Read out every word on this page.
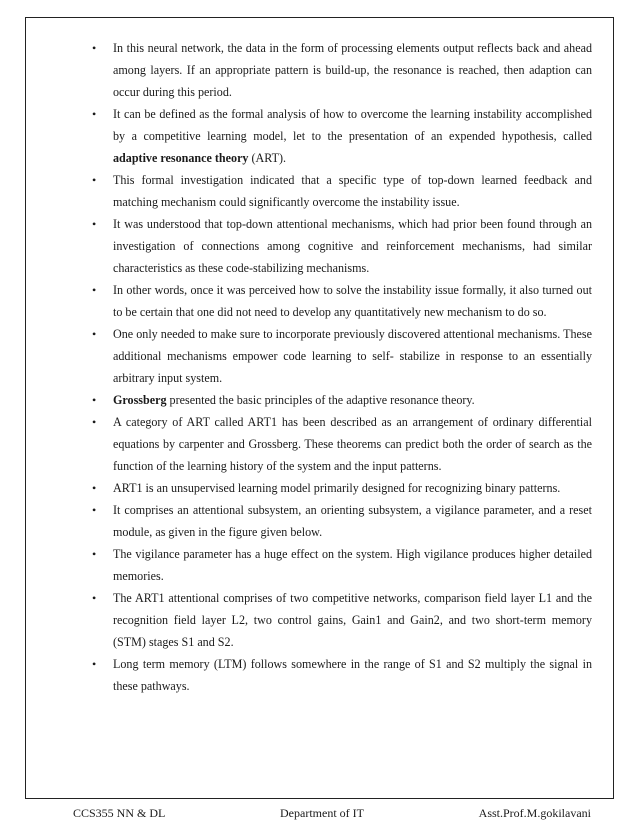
• In this neural network, the data in the form of processing elements output reflects back and ahead among layers. If an appropriate pattern is build-up, the resonance is reached, then adaption can occur during this period.
• It can be defined as the formal analysis of how to overcome the learning instability accomplished by a competitive learning model, let to the presentation of an expended hypothesis, called adaptive resonance theory (ART).
• This formal investigation indicated that a specific type of top-down learned feedback and matching mechanism could significantly overcome the instability issue.
• It was understood that top-down attentional mechanisms, which had prior been found through an investigation of connections among cognitive and reinforcement mechanisms, had similar characteristics as these code-stabilizing mechanisms.
• In other words, once it was perceived how to solve the instability issue formally, it also turned out to be certain that one did not need to develop any quantitatively new mechanism to do so.
• One only needed to make sure to incorporate previously discovered attentional mechanisms. These additional mechanisms empower code learning to self- stabilize in response to an essentially arbitrary input system.
• Grossberg presented the basic principles of the adaptive resonance theory.
• A category of ART called ART1 has been described as an arrangement of ordinary differential equations by carpenter and Grossberg. These theorems can predict both the order of search as the function of the learning history of the system and the input patterns.
• ART1 is an unsupervised learning model primarily designed for recognizing binary patterns.
• It comprises an attentional subsystem, an orienting subsystem, a vigilance parameter, and a reset module, as given in the figure given below.
• The vigilance parameter has a huge effect on the system. High vigilance produces higher detailed memories.
• The ART1 attentional comprises of two competitive networks, comparison field layer L1 and the recognition field layer L2, two control gains, Gain1 and Gain2, and two short-term memory (STM) stages S1 and S2.
• Long term memory (LTM) follows somewhere in the range of S1 and S2 multiply the signal in these pathways.
CCS355 NN & DL	Department of IT	Asst.Prof.M.gokilavani
